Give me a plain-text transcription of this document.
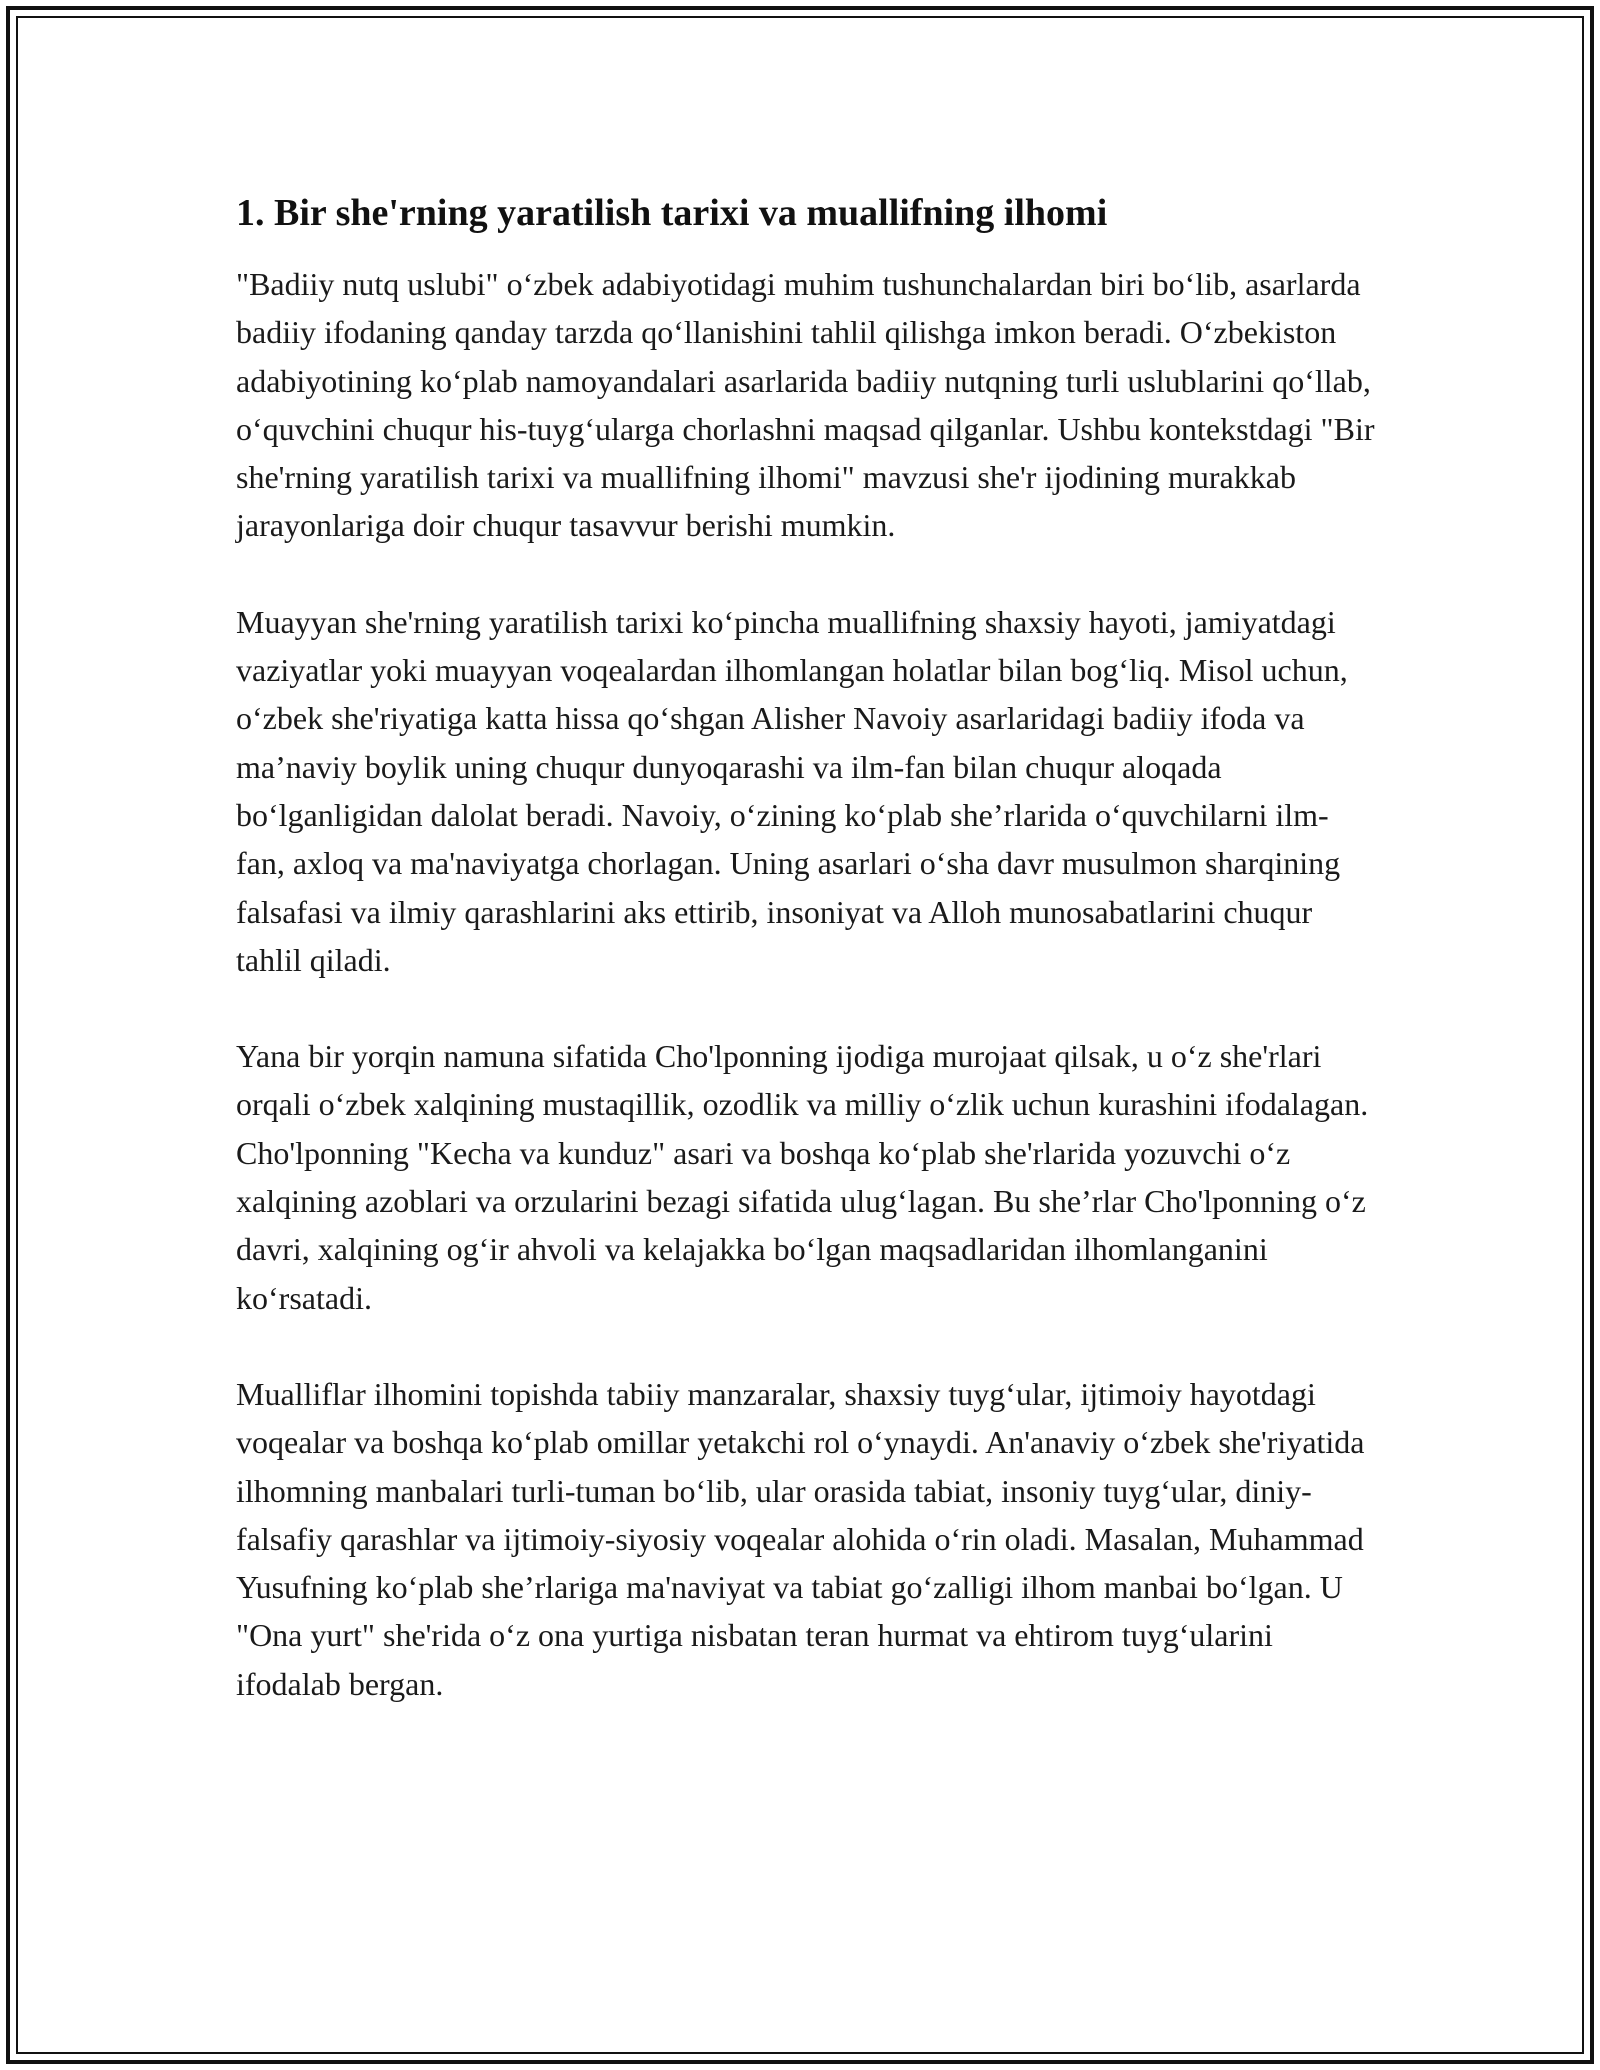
1. Bir she'rning yaratilish tarixi va muallifning ilhomi

"Badiiy nutq uslubi" oʻzbek adabiyotidagi muhim tushunchalardan biri boʻlib, asarlarda badiiy ifodaning qanday tarzda qoʻllanishini tahlil qilishga imkon beradi. Oʻzbekiston adabiyotining koʻplab namoyandalari asarlarida badiiy nutqning turli uslublarini qoʻllab, oʻquvchini chuqur his-tuygʻularga chorlashni maqsad qilganlar. Ushbu kontekstdagi "Bir she'rning yaratilish tarixi va muallifning ilhomi" mavzusi she'r ijodining murakkab jarayonlariga doir chuqur tasavvur berishi mumkin.

Muayyan she'rning yaratilish tarixi koʻpincha muallifning shaxsiy hayoti, jamiyatdagi vaziyatlar yoki muayyan voqealardan ilhomlangan holatlar bilan bogʻliq. Misol uchun, oʻzbek she'riyatiga katta hissa qoʻshgan Alisher Navoiy asarlaridagi badiiy ifoda va maʼnaviy boylik uning chuqur dunyoqarashi va ilm-fan bilan chuqur aloqada boʻlganligidan dalolat beradi. Navoiy, oʻzining koʻplab she’rlarida oʻquvchilarni ilm-fan, axloq va ma'naviyatga chorlagan. Uning asarlari oʻsha davr musulmon sharqining falsafasi va ilmiy qarashlarini aks ettirib, insoniyat va Alloh munosabatlarini chuqur tahlil qiladi.

Yana bir yorqin namuna sifatida Cho'lponning ijodiga murojaat qilsak, u oʻz she'rlari orqali oʻzbek xalqining mustaqillik, ozodlik va milliy oʻzlik uchun kurashini ifodalagan. Cho'lponning "Kecha va kunduz" asari va boshqa koʻplab she'rlarida yozuvchi oʻz xalqining azoblari va orzularini bezagi sifatida ulugʻlagan. Bu she’rlar Cho'lponning oʻz davri, xalqining ogʻir ahvoli va kelajakka boʻlgan maqsadlaridan ilhomlanganini koʻrsatadi.

Mualliflar ilhomini topishda tabiiy manzaralar, shaxsiy tuygʻular, ijtimoiy hayotdagi voqealar va boshqa koʻplab omillar yetakchi rol oʻynaydi. An'anaviy oʻzbek she'riyatida ilhomning manbalari turli-tuman boʻlib, ular orasida tabiat, insoniy tuygʻular, diniy-falsafiy qarashlar va ijtimoiy-siyosiy voqealar alohida oʻrin oladi. Masalan, Muhammad Yusufning koʻplab she’rlariga ma'naviyat va tabiat goʻzalligi ilhom manbai boʻlgan. U "Ona yurt" she'rida oʻz ona yurtiga nisbatan teran hurmat va ehtirom tuygʻularini ifodalab bergan.
